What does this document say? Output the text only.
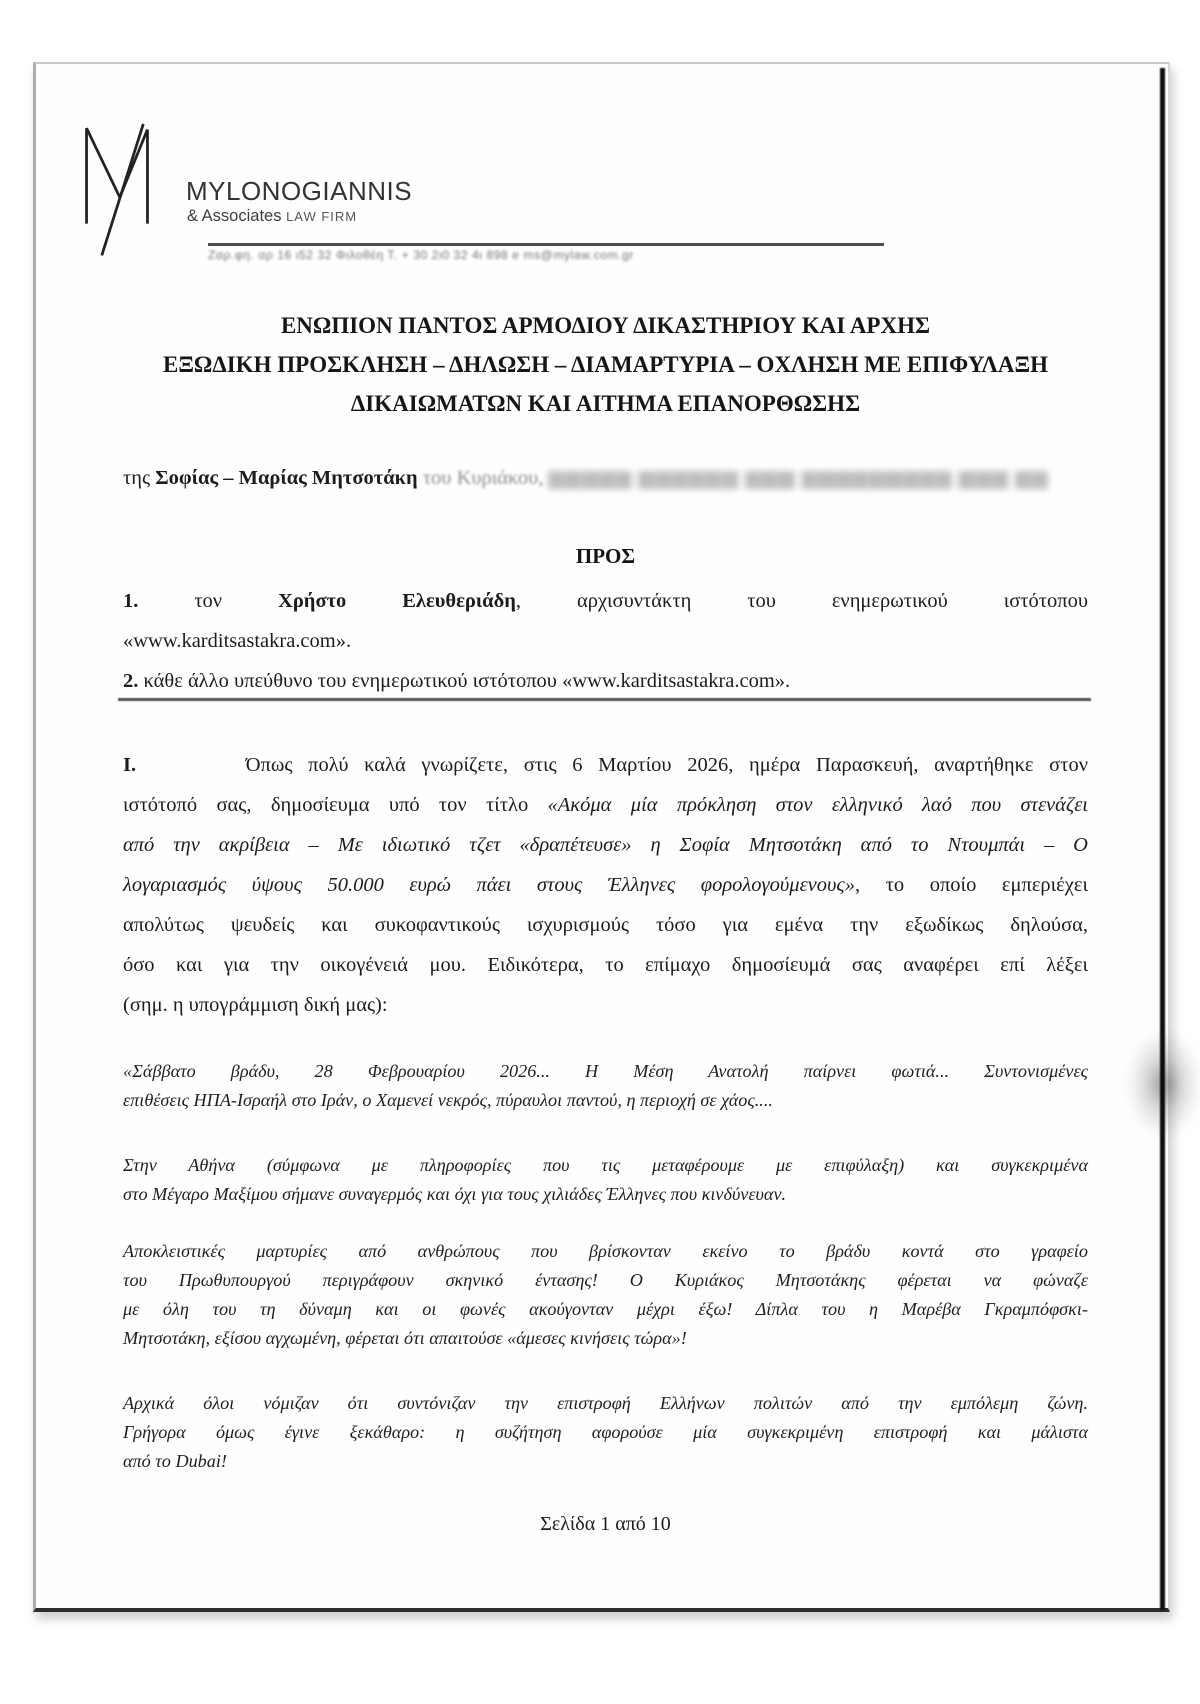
MYLONOGIANNIS
& Associates LAW FIRM
Ζαρ.φη. αρ 16 ι52 32 Φιλοθέη Τ. + 30 2ι0 32 4ι 898 e ms@mylaw.com.gr
ΕΝΩΠΙΟΝ ΠΑΝΤΟΣ ΑΡΜΟΔΙΟΥ ΔΙΚΑΣΤΗΡΙΟΥ ΚΑΙ ΑΡΧΗΣ
ΕΞΩΔΙΚΗ ΠΡΟΣΚΛΗΣΗ – ΔΗΛΩΣΗ – ΔΙΑΜΑΡΤΥΡΙΑ – ΟΧΛΗΣΗ ΜΕ ΕΠΙΦΥΛΑΞΗ
ΔΙΚΑΙΩΜΑΤΩΝ ΚΑΙ ΑΙΤΗΜΑ ΕΠΑΝΟΡΘΩΣΗΣ
της Σοφίας – Μαρίας Μητσοτάκη του Κυριάκου, ▆▆▆▆▆ ▆▆▆▆▆▆ ▆▆▆ ▆▆▆▆▆▆▆▆▆ ▆▆▆ ▆▆
ΠΡΟΣ
1. τον Χρήστο Ελευθεριάδη, αρχισυντάκτη του ενημερωτικού ιστότοπου
«www.karditsastakra.com».
2. κάθε άλλο υπεύθυνο του ενημερωτικού ιστότοπου «www.karditsastakra.com».
I.       Όπως πολύ καλά γνωρίζετε, στις 6 Μαρτίου 2026, ημέρα Παρασκευή, αναρτήθηκε στον
ιστότοπό σας, δημοσίευμα υπό τον τίτλο «Ακόμα μία πρόκληση στον ελληνικό λαό που στενάζει
από την ακρίβεια – Με ιδιωτικό τζετ «δραπέτευσε» η Σοφία Μητσοτάκη από το Ντουμπάι – Ο
λογαριασμός ύψους 50.000 ευρώ πάει στους Έλληνες φορολογούμενους», το οποίο εμπεριέχει
απολύτως ψευδείς και συκοφαντικούς ισχυρισμούς τόσο για εμένα την εξωδίκως δηλούσα,
όσο και για την οικογένειά μου. Ειδικότερα, το επίμαχο δημοσίευμά σας αναφέρει επί λέξει
(σημ. η υπογράμμιση δική μας):
«Σάββατο βράδυ, 28 Φεβρουαρίου 2026... Η Μέση Ανατολή παίρνει φωτιά... Συντονισμένες
επιθέσεις ΗΠΑ-Ισραήλ στο Ιράν, ο Χαμενεί νεκρός, πύραυλοι παντού, η περιοχή σε χάος....
Στην Αθήνα (σύμφωνα με πληροφορίες που τις μεταφέρουμε με επιφύλαξη) και συγκεκριμένα
στο Μέγαρο Μαξίμου σήμανε συναγερμός και όχι για τους χιλιάδες Έλληνες που κινδύνευαν.
Αποκλειστικές μαρτυρίες από ανθρώπους που βρίσκονταν εκείνο το βράδυ κοντά στο γραφείο
του Πρωθυπουργού περιγράφουν σκηνικό έντασης! Ο Κυριάκος Μητσοτάκης φέρεται να φώναζε
με όλη του τη δύναμη και οι φωνές ακούγονταν μέχρι έξω! Δίπλα του η Μαρέβα Γκραμπόφσκι-
Μητσοτάκη, εξίσου αγχωμένη, φέρεται ότι απαιτούσε «άμεσες κινήσεις τώρα»!
Αρχικά όλοι νόμιζαν ότι συντόνιζαν την επιστροφή Ελλήνων πολιτών από την εμπόλεμη ζώνη.
Γρήγορα όμως έγινε ξεκάθαρο: η συζήτηση αφορούσε μία συγκεκριμένη επιστροφή και μάλιστα
από το Dubai!
Σελίδα 1 από 10
